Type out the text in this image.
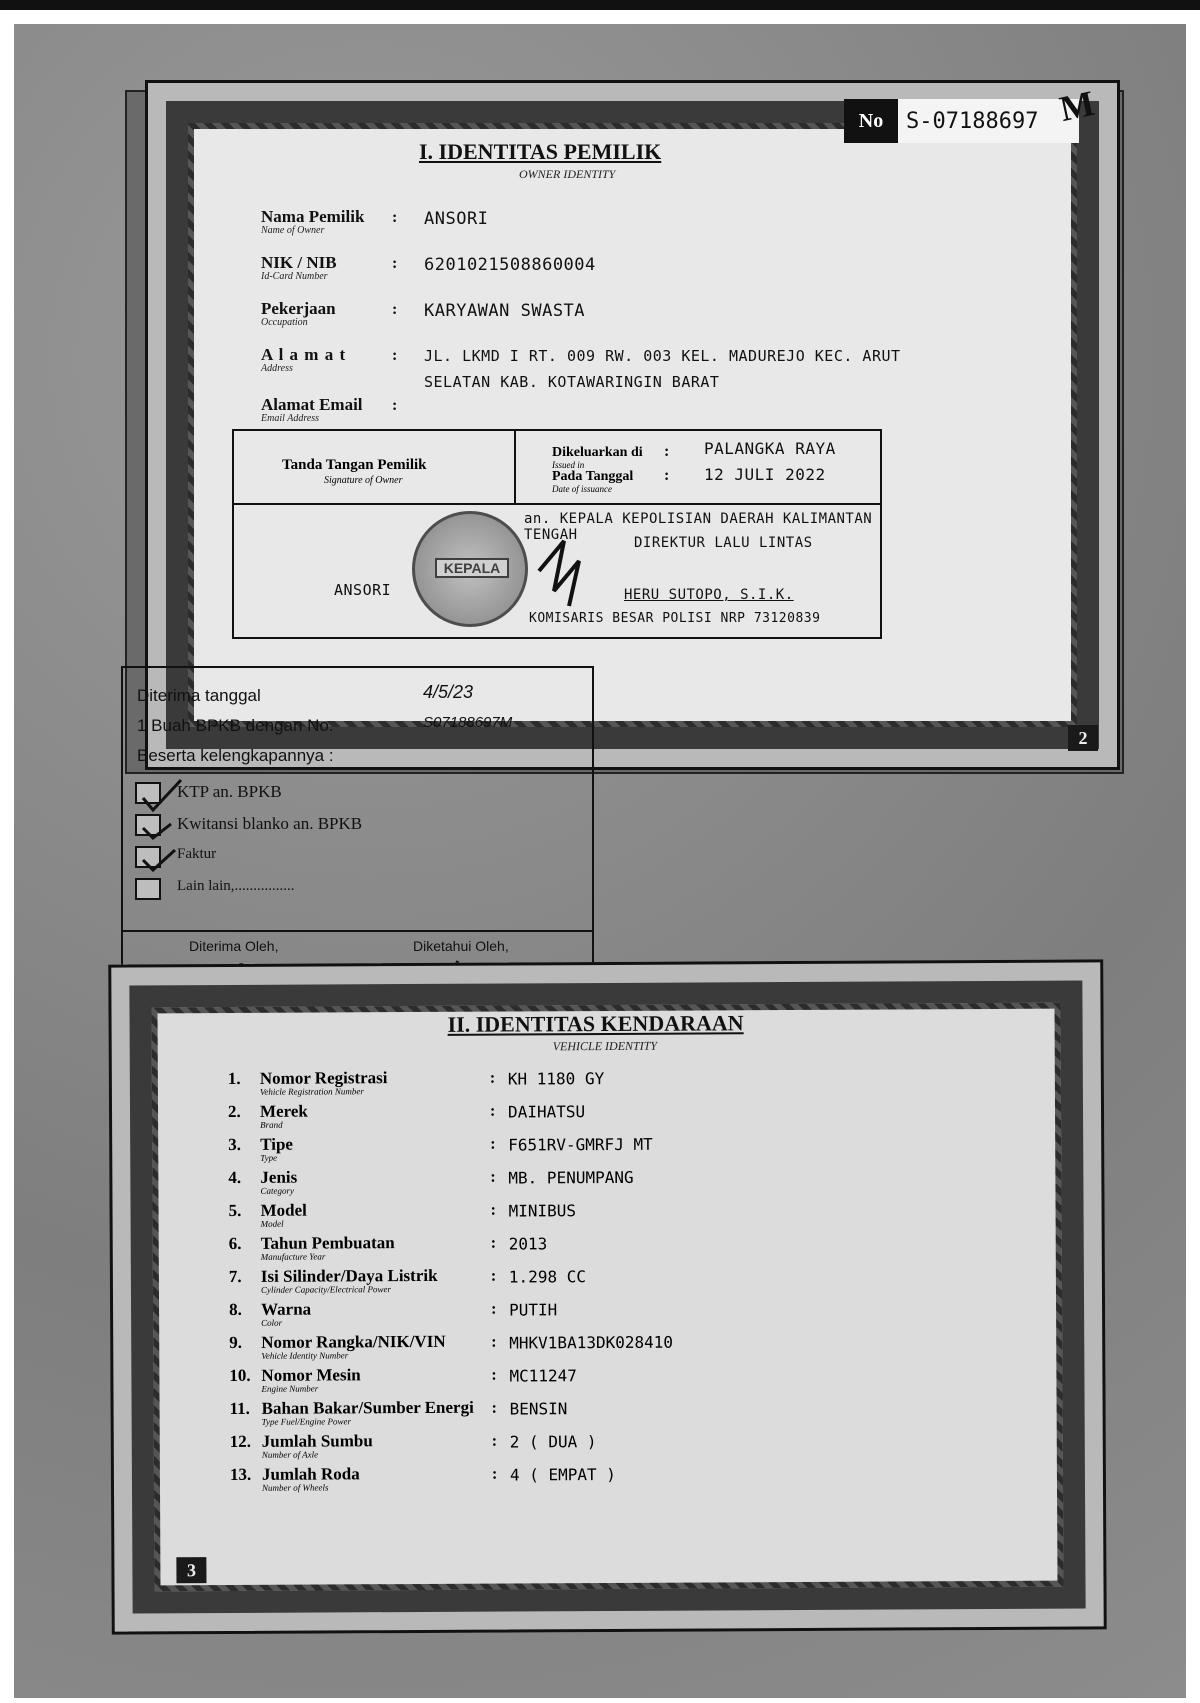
No	S-07188697 M
I. IDENTITAS PEMILIK
OWNER IDENTITY
Nama Pemilik
Name of Owner
: ANSORI
NIK / NIB
Id-Card Number
: 6201021508860004
Pekerjaan
Occupation
: KARYAWAN SWASTA
A l a m a t
Address
: JL. LKMD I RT. 009 RW. 003 KEL. MADUREJO KEC. ARUT
SELATAN KAB. KOTAWARINGIN BARAT
Alamat Email
Email Address
:
Tanda Tangan Pemilik
Signature of Owner
Dikeluarkan di
Issued in
: PALANGKA RAYA
Pada Tanggal
Date of issuance
: 12 JULI 2022
an. KEPALA KEPOLISIAN DAERAH KALIMANTAN TENGAH	DIREKTUR LALU LINTAS
KEPALA
ANSORI	HERU SUTOPO, S.I.K.
KOMISARIS BESAR POLISI NRP 73120839
2
Diterima tanggal	4/5/23
1 Buah BPKB dengan No.	S07188697M
Beserta kelengkapannya :
KTP an. BPKB
Kwitansi blanko an. BPKB
Faktur
Lain lain,................
Diterima Oleh,	Diketahui Oleh,
II. IDENTITAS KENDARAAN
VEHICLE IDENTITY
1. Nomor Registrasi
Vehicle Registration Number
: KH 1180 GY
2. Merek
Brand
: DAIHATSU
3. Tipe
Type
: F651RV-GMRFJ MT
4. Jenis
Category
: MB. PENUMPANG
5. Model
Model
: MINIBUS
6. Tahun Pembuatan
Manufacture Year
: 2013
7. Isi Silinder/Daya Listrik
Cylinder Capacity/Electrical Power
: 1.298 CC
8. Warna
Color
: PUTIH
9. Nomor Rangka/NIK/VIN
Vehicle Identity Number
: MHKV1BA13DK028410
10. Nomor Mesin
Engine Number
: MC11247
11. Bahan Bakar/Sumber Energi
Type Fuel/Engine Power
: BENSIN
12. Jumlah Sumbu
Number of Axle
: 2 ( DUA )
13. Jumlah Roda
Number of Wheels
: 4 ( EMPAT )
3
